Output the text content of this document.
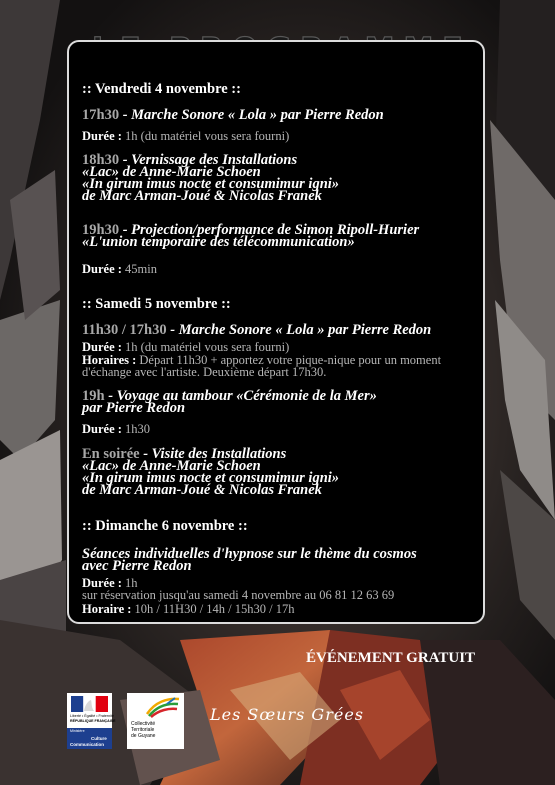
:: Vendredi 4 novembre ::
17h30 - Marche Sonore « Lola » par Pierre Redon
Durée : 1h (du matériel vous sera fourni)
18h30 - Vernissage des Installations
«Lac» de Anne-Marie Schoen
«In girum imus nocte et consumimur igni»
de Marc Arman-Joué & Nicolas Franek
19h30 - Projection/performance de Simon Ripoll-Hurier
«L'union temporaire des télécommunication»
Durée : 45min
:: Samedi 5 novembre ::
11h30 / 17h30 - Marche Sonore « Lola » par Pierre Redon
Durée : 1h (du matériel vous sera fourni)
Horaires : Départ 11h30 + apportez votre pique-nique pour un moment
d'échange avec l'artiste. Deuxième départ 17h30.
19h - Voyage au tambour «Cérémonie de la Mer»
par Pierre Redon
Durée : 1h30
En soirée - Visite des Installations
«Lac» de Anne-Marie Schoen
«In girum imus nocte et consumimur igni»
de Marc Arman-Joué & Nicolas Franek
:: Dimanche 6 novembre ::
Séances individuelles d'hypnose sur le thème du cosmos
avec Pierre Redon
Durée : 1h
sur réservation jusqu'au samedi 4 novembre au 06 81 12 63 69
Horaire : 10h / 11H30 / 14h / 15h30 / 17h
ÉVÉNEMENT GRATUIT
Liberté • Égalité • Fraternité
RÉPUBLIQUE FRANÇAISE
Ministère
Culture
Communication
Collectivité
Territoriale
de Guyane
Les Sœurs Grées
